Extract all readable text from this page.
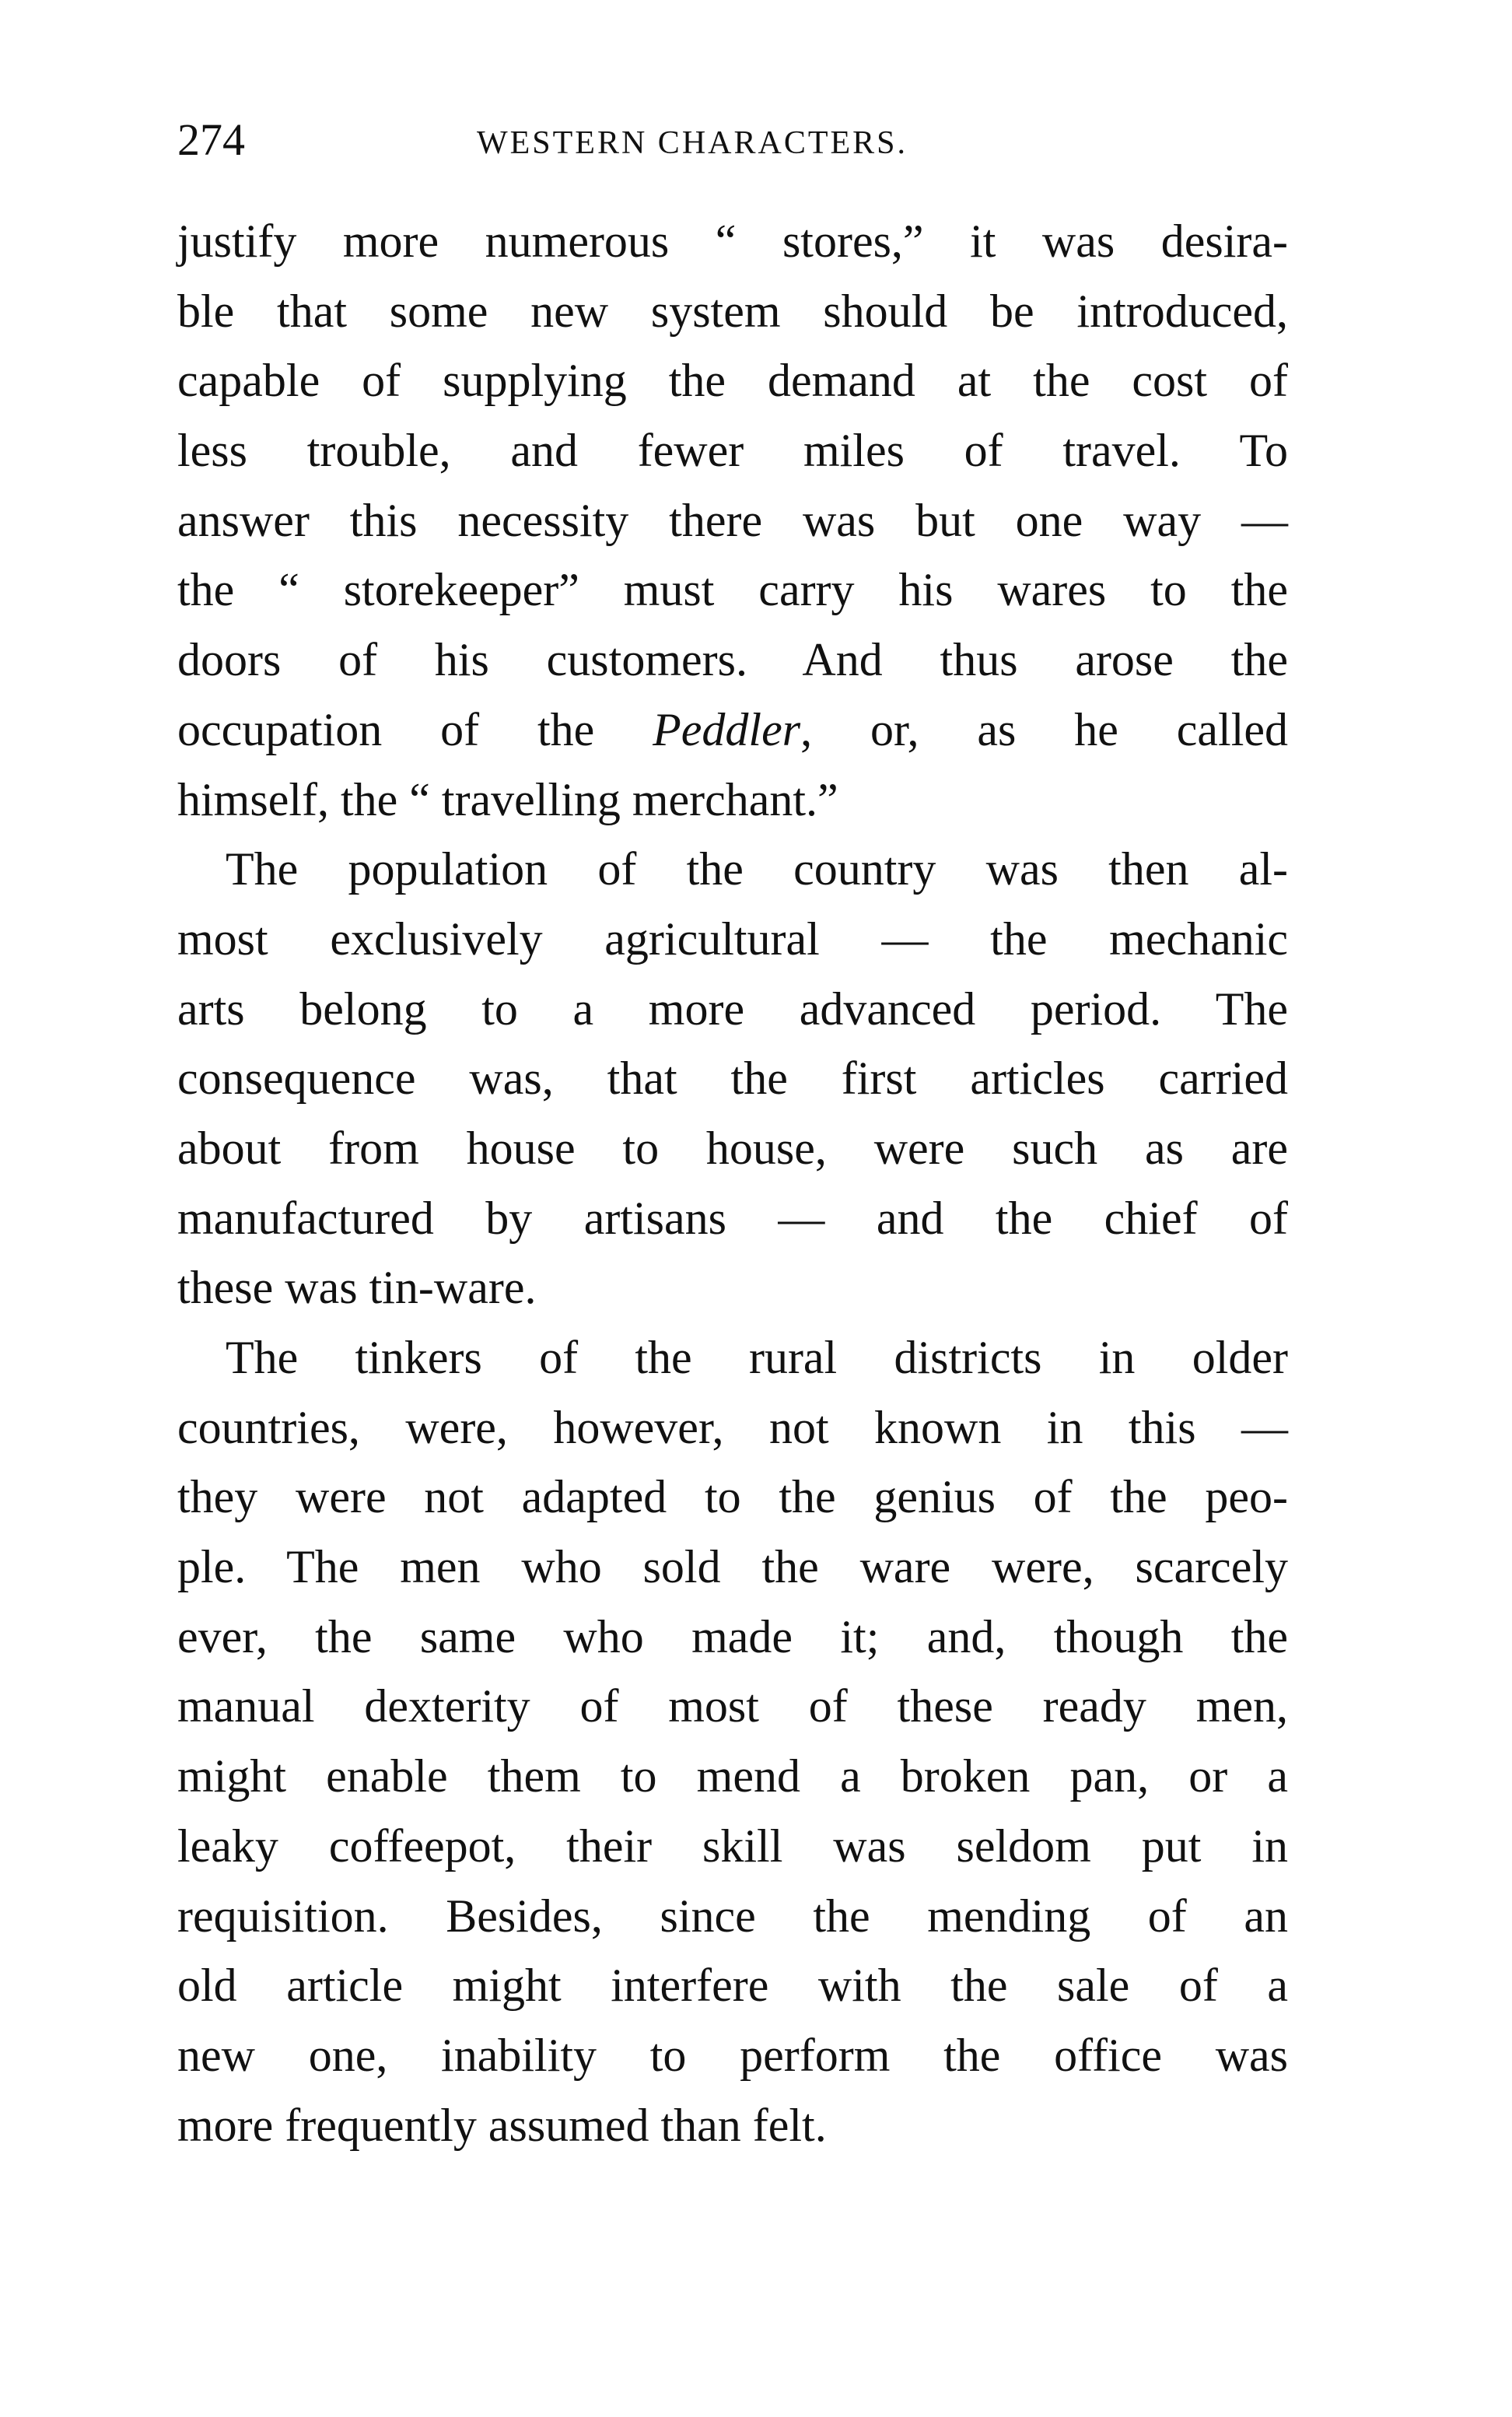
274	WESTERN CHARACTERS.
justify more numerous “ stores,” it was desira-
ble that some new system should be introduced,
capable of supplying the demand at the cost of
less trouble, and fewer miles of travel. To
answer this necessity there was but one way —
the “ storekeeper” must carry his wares to the
doors of his customers. And thus arose the
occupation of the Peddler, or, as he called
himself, the “ travelling merchant.”
The population of the country was then al-
most exclusively agricultural — the mechanic
arts belong to a more advanced period. The
consequence was, that the first articles carried
about from house to house, were such as are
manufactured by artisans — and the chief of
these was tin-ware.
The tinkers of the rural districts in older
countries, were, however, not known in this —
they were not adapted to the genius of the peo-
ple. The men who sold the ware were, scarcely
ever, the same who made it; and, though the
manual dexterity of most of these ready men,
might enable them to mend a broken pan, or a
leaky coffeepot, their skill was seldom put in
requisition. Besides, since the mending of an
old article might interfere with the sale of a
new one, inability to perform the office was
more frequently assumed than felt.
